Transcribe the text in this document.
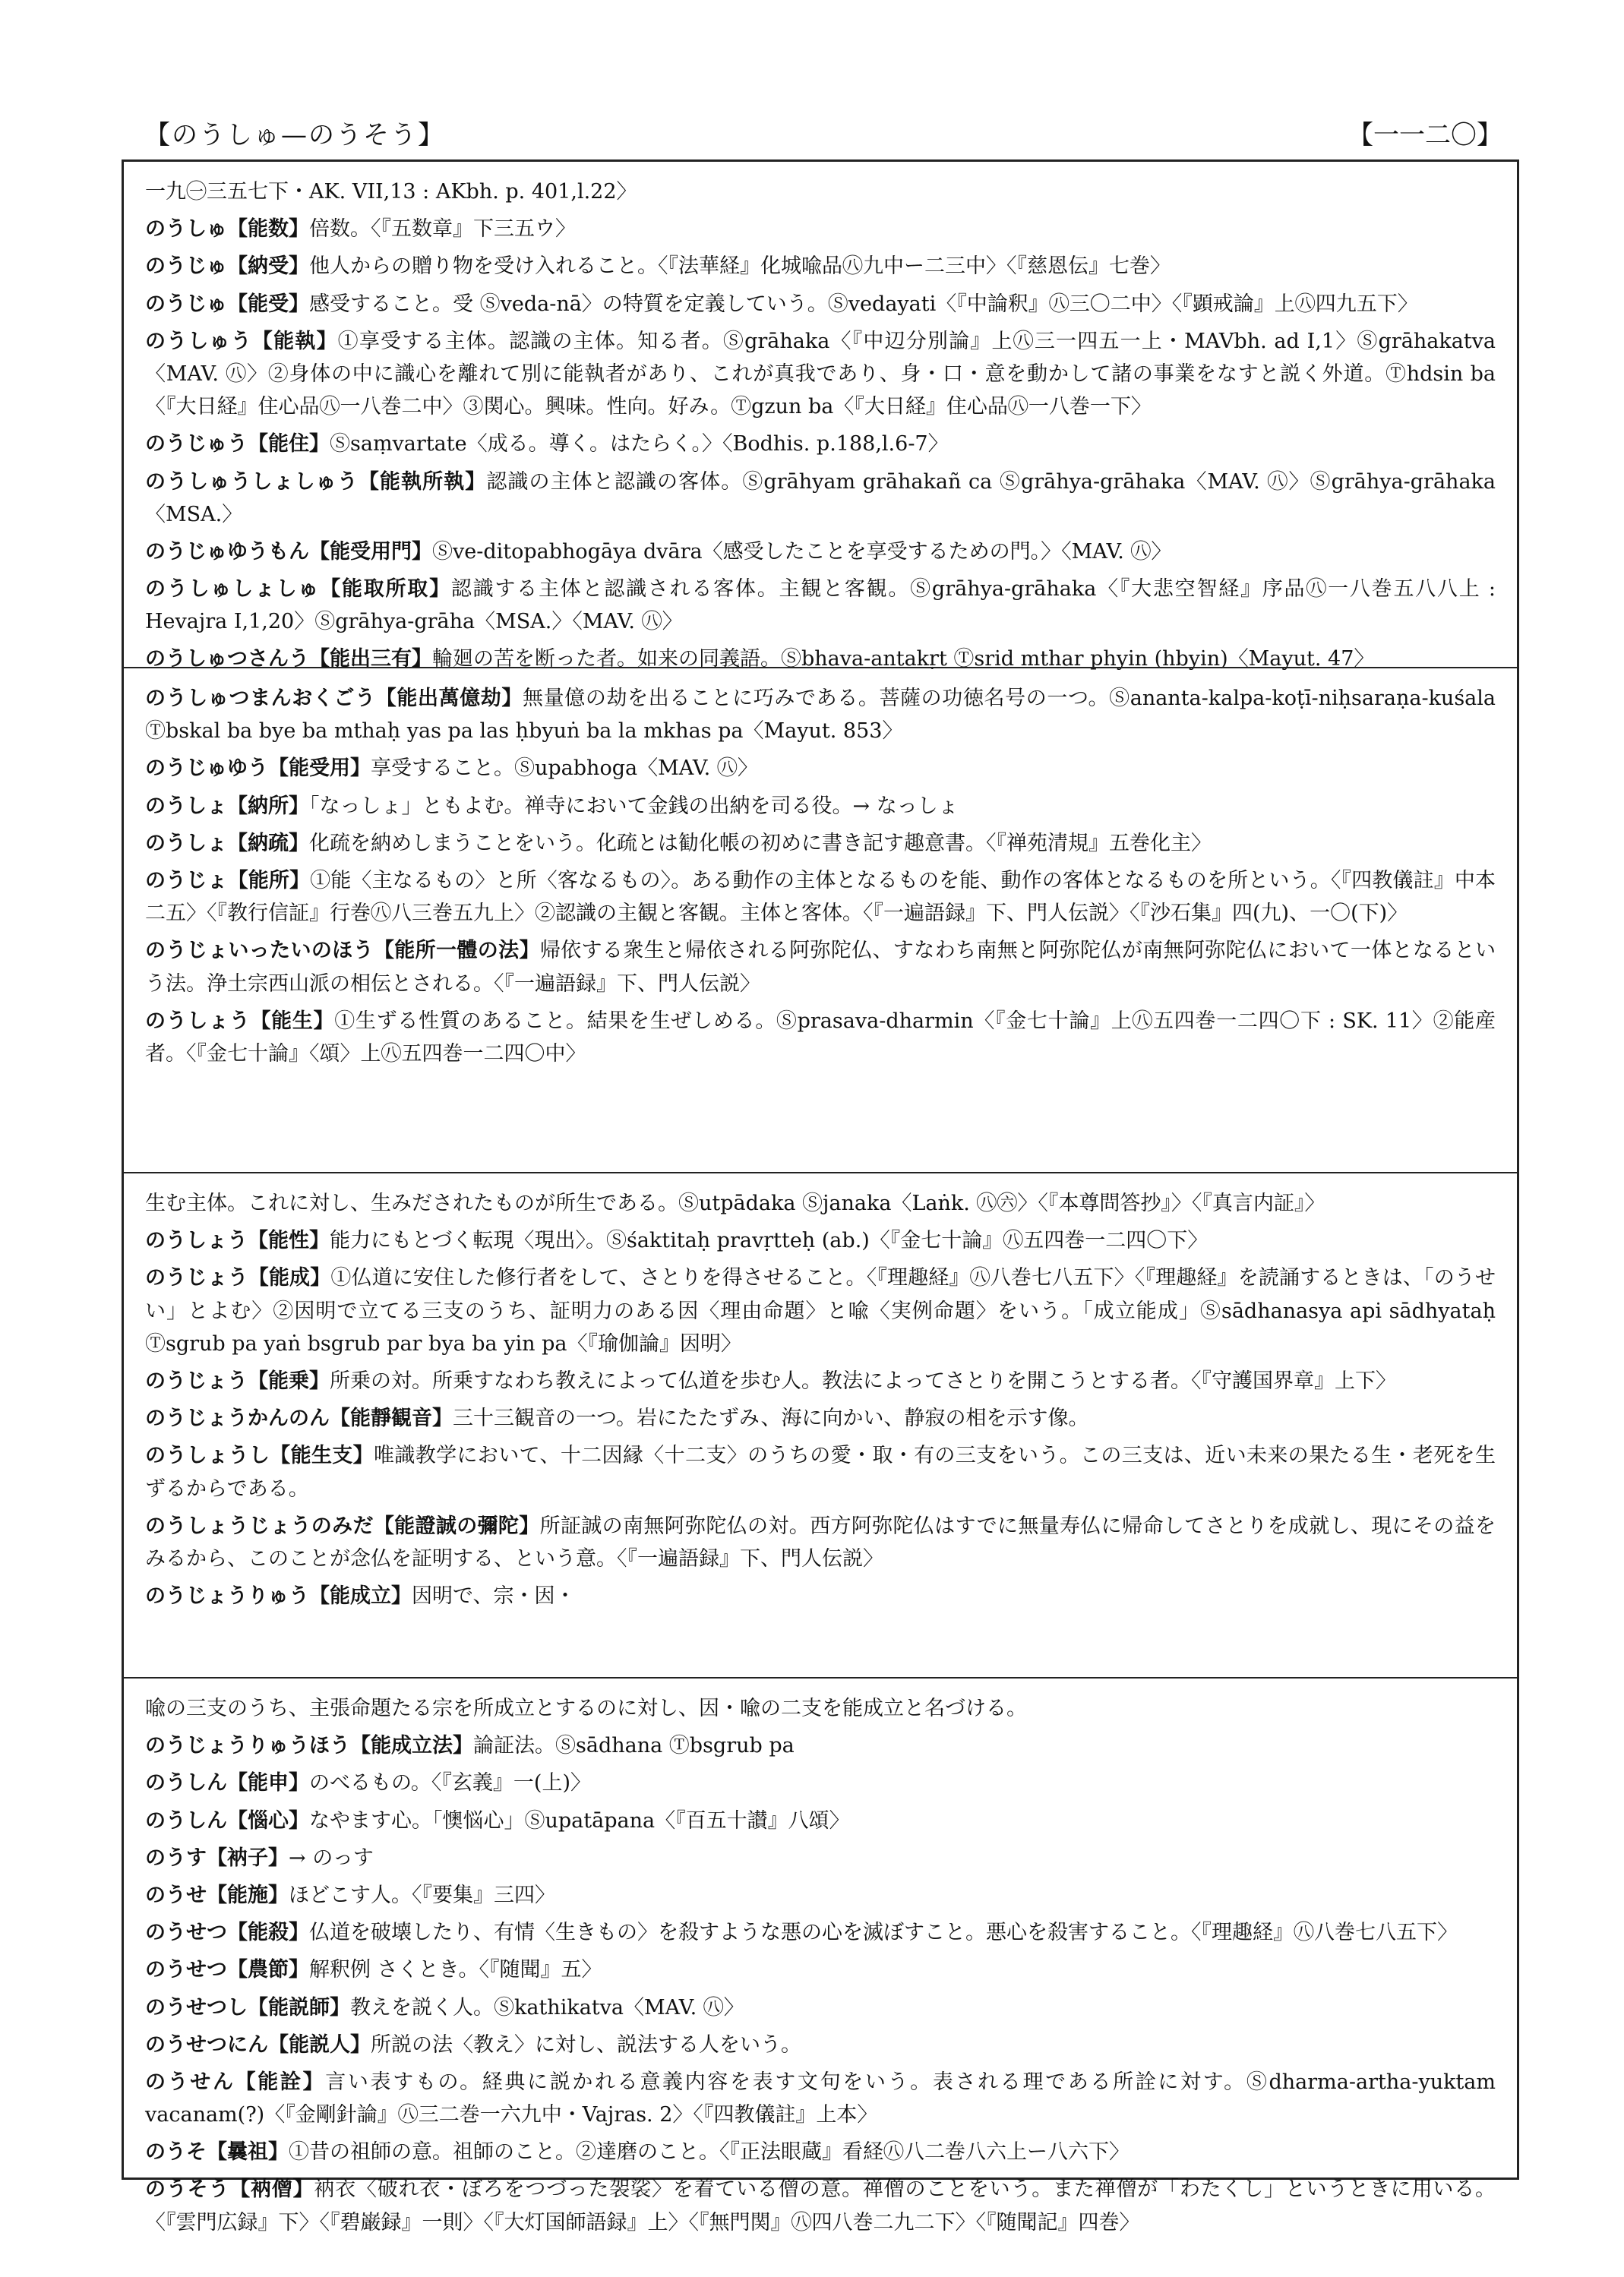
【のうしゅ—のうそう】	【一一二〇】
一九㊀三五七下・AK. VII,13 : AKbh. p. 401,l.22〉
のうしゅ【能数】倍数。〈『五数章』下三五ウ〉
のうじゅ【納受】他人からの贈り物を受け入れること。〈『法華経』化城喩品㊇九中ー二三中〉〈『慈恩伝』七巻〉
のうじゅ【能受】感受すること。受 Ⓢveda-nā〉の特質を定義していう。Ⓢvedayati〈『中論釈』㊇三〇二中〉〈『顕戒論』上㊇四九五下〉
のうしゅう【能執】①享受する主体。認識の主体。知る者。Ⓢgrāhaka〈『中辺分別論』上㊇三一四五一上・MAVbh. ad I,1〉Ⓢgrāhakatva〈MAV. ㊇〉②身体の中に識心を離れて別に能執者があり、これが真我であり、身・口・意を動かして諸の事業をなすと説く外道。Ⓣhdsin ba〈『大日経』住心品㊇一八巻二中〉③関心。興味。性向。好み。Ⓣgzun ba〈『大日経』住心品㊇一八巻一下〉
のうじゅう【能住】Ⓢsaṃvartate〈成る。導く。はたらく。〉〈Bodhis. p.188,l.6-7〉
のうしゅうしょしゅう【能執所執】認識の主体と認識の客体。Ⓢgrāhyam grāhakañ ca Ⓢgrāhya-grāhaka〈MAV. ㊇〉Ⓢgrāhya-grāhaka〈MSA.〉
のうじゅゆうもん【能受用門】Ⓢve-ditopabhogāya dvāra〈感受したことを享受するための門。〉〈MAV. ㊇〉
のうしゅしょしゅ【能取所取】認識する主体と認識される客体。主観と客観。Ⓢgrāhya-grāhaka〈『大悲空智経』序品㊇一八巻五八八上 : Hevajra I,1,20〉Ⓢgrāhya-grāha〈MSA.〉〈MAV. ㊇〉
のうしゅつさんう【能出三有】輪廻の苦を断った者。如来の同義語。Ⓢbhava-antakṛt Ⓣsrid mthar phyin (hbyin)〈Mayut. 47〉
のうしゅつまんおくごう【能出萬億劫】無量億の劫を出ることに巧みである。菩薩の功徳名号の一つ。Ⓢananta-kalpa-koṭī-niḥsaraṇa-kuśala Ⓣbskal ba bye ba mthaḥ yas pa las ḥbyuṅ ba la mkhas pa〈Mayut. 853〉
のうじゅゆう【能受用】享受すること。Ⓢupabhoga〈MAV. ㊇〉
のうしょ【納所】「なっしょ」ともよむ。禅寺において金銭の出納を司る役。→ なっしょ
のうしょ【納疏】化疏を納めしまうことをいう。化疏とは勧化帳の初めに書き記す趣意書。〈『禅苑清規』五巻化主〉
のうじょ【能所】①能〈主なるもの〉と所〈客なるもの〉。ある動作の主体となるものを能、動作の客体となるものを所という。〈『四教儀註』中本二五〉〈『教行信証』行巻㊇八三巻五九上〉②認識の主観と客観。主体と客体。〈『一遍語録』下、門人伝説〉〈『沙石集』四(九)、一〇(下)〉
のうじょいったいのほう【能所一體の法】帰依する衆生と帰依される阿弥陀仏、すなわち南無と阿弥陀仏が南無阿弥陀仏において一体となるという法。浄土宗西山派の相伝とされる。〈『一遍語録』下、門人伝説〉
のうしょう【能生】①生ずる性質のあること。結果を生ぜしめる。Ⓢprasava-dharmin〈『金七十論』上㊇五四巻一二四〇下 : SK. 11〉②能産者。〈『金七十論』〈頌〉上㊇五四巻一二四〇中〉
生む主体。これに対し、生みだされたものが所生である。Ⓢutpādaka Ⓢjanaka〈Laṅk. ㊇㊅〉〈『本尊問答抄』〉〈『真言内証』〉
のうしょう【能性】能力にもとづく転現〈現出〉。Ⓢśaktitaḥ pravṛtteḥ (ab.)〈『金七十論』㊇五四巻一二四〇下〉
のうじょう【能成】①仏道に安住した修行者をして、さとりを得させること。〈『理趣経』㊇八巻七八五下〉〈『理趣経』を読誦するときは、「のうせい」とよむ〉②因明で立てる三支のうち、証明力のある因〈理由命題〉と喩〈実例命題〉をいう。「成立能成」Ⓢsādhanasya api sādhyataḥ Ⓣsgrub pa yaṅ bsgrub par bya ba yin pa〈『瑜伽論』因明〉
のうじょう【能乗】所乗の対。所乗すなわち教えによって仏道を歩む人。教法によってさとりを開こうとする者。〈『守護国界章』上下〉
のうじょうかんのん【能靜観音】三十三観音の一つ。岩にたたずみ、海に向かい、静寂の相を示す像。
のうしょうし【能生支】唯識教学において、十二因縁〈十二支〉のうちの愛・取・有の三支をいう。この三支は、近い未来の果たる生・老死を生ずるからである。
のうしょうじょうのみだ【能證誠の彌陀】所証誠の南無阿弥陀仏の対。西方阿弥陀仏はすでに無量寿仏に帰命してさとりを成就し、現にその益をみるから、このことが念仏を証明する、という意。〈『一遍語録』下、門人伝説〉
のうじょうりゅう【能成立】因明で、宗・因・
喩の三支のうち、主張命題たる宗を所成立とするのに対し、因・喩の二支を能成立と名づける。
のうじょうりゅうほう【能成立法】論証法。Ⓢsādhana Ⓣbsgrub pa
のうしん【能申】のべるもの。〈『玄義』一(上)〉
のうしん【惱心】なやます心。「懊悩心」Ⓢupatāpana〈『百五十讃』八頌〉
のうす【衲子】→ のっす
のうせ【能施】ほどこす人。〈『要集』三四〉
のうせつ【能殺】仏道を破壊したり、有情〈生きもの〉を殺すような悪の心を滅ぼすこと。悪心を殺害すること。〈『理趣経』㊇八巻七八五下〉
のうせつ【農節】解釈例 さくとき。〈『随聞』五〉
のうせつし【能説師】教えを説く人。Ⓢkathikatva〈MAV. ㊇〉
のうせつにん【能説人】所説の法〈教え〉に対し、説法する人をいう。
のうせん【能詮】言い表すもの。経典に説かれる意義内容を表す文句をいう。表される理である所詮に対す。Ⓢdharma-artha-yuktam vacanam(?)〈『金剛針論』㊇三二巻一六九中・Vajras. 2〉〈『四教儀註』上本〉
のうそ【曩祖】①昔の祖師の意。祖師のこと。②達磨のこと。〈『正法眼蔵』看経㊇八二巻八六上ー八六下〉
のうそう【衲僧】衲衣〈破れ衣・ぼろをつづった袈裟〉を着ている僧の意。禅僧のことをいう。また禅僧が「わたくし」というときに用いる。〈『雲門広録』下〉〈『碧巌録』一則〉〈『大灯国師語録』上〉〈『無門関』㊇四八巻二九二下〉〈『随聞記』四巻〉
